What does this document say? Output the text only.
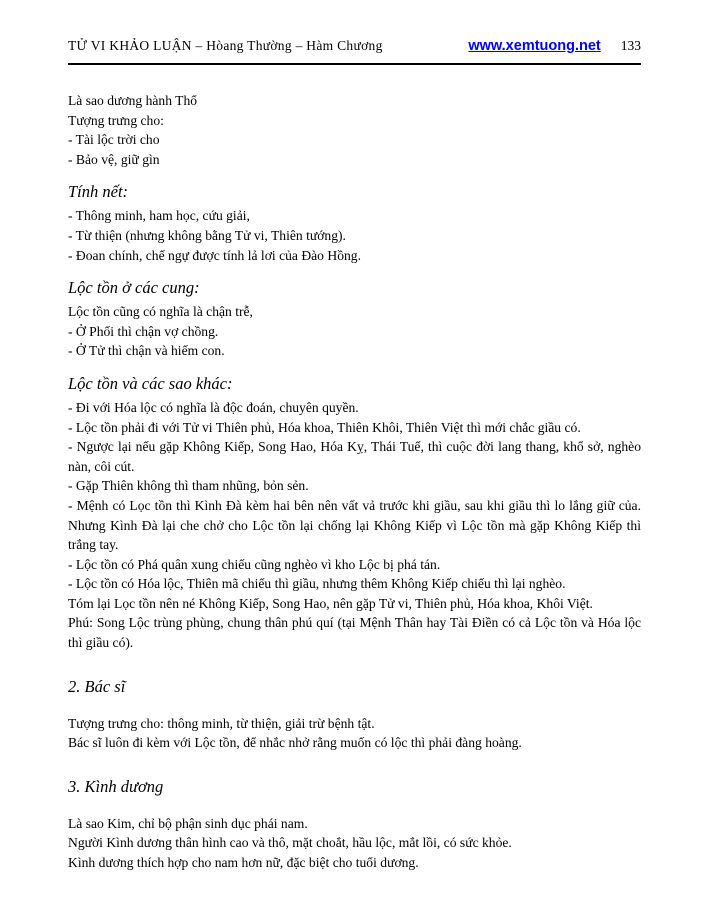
TỬ VI KHẢO LUẬN – Hòang Thường – Hàm Chương	www.xemtuong.net 133

Là sao dương hành Thổ

Tượng trưng cho:

- Tài lộc trời cho

- Bảo vệ, giữ gìn

Tính nết:

- Thông minh, ham học, cứu giải,

- Từ thiện (nhưng không bằng Tử vi, Thiên tướng).

- Đoan chính, chế ngự được tính lả lơi của Đào Hồng.

Lộc tồn ở các cung:

Lộc tồn cũng có nghĩa là chận trễ,

- Ở Phối thì chận vợ chồng.

- Ở Tử thì chận và hiếm con.

Lộc tồn và các sao khác:

- Đi với Hóa lộc có nghĩa là độc đoán, chuyên quyền.

- Lộc tồn phải đi với Tử vi Thiên phủ, Hóa khoa, Thiên Khôi, Thiên Việt thì mới chắc giầu có.

- Ngược lại nếu gặp Không Kiếp, Song Hao, Hóa Kỵ, Thái Tuế, thì cuộc đời lang thang, khổ sở, nghèo nàn, côi cút.

- Gặp Thiên không thì tham nhũng, bỏn sẻn.

- Mệnh có Lọc tồn thì Kình Đà kèm hai bên nên vất vả trước khi giầu, sau khi giầu thì lo lắng giữ của. Nhưng Kình Đà lại che chở cho Lộc tồn lại chống lại Không Kiếp vì Lộc tồn mà gặp Không Kiếp thì trắng tay.

- Lộc tồn có Phá quân xung chiếu cũng nghèo vì kho Lộc bị phá tán.

- Lộc tồn có Hóa lộc, Thiên mã chiếu thì giầu, nhưng thêm Không Kiếp chiếu thì lại nghèo.

Tóm lại Lọc tồn nên né Không Kiếp, Song Hao, nên gặp Tử vi, Thiên phủ, Hóa khoa, Khôi Việt.

Phú: Song Lộc trùng phùng, chung thân phú quí (tại Mệnh Thân hay Tài Điền có cả Lộc tồn và Hóa lộc thì giầu có).

2. Bác sĩ

Tượng trưng cho: thông minh, từ thiện, giải trừ bệnh tật.

Bác sĩ luôn đi kèm với Lộc tồn, để nhắc nhở rằng muốn có lộc thì phải đàng hoàng.

3. Kình dương

Là sao Kim, chỉ bộ phận sinh dục phái nam.

Người Kình dương thân hình cao và thô, mặt choắt, hầu lộc, mắt lồi, có sức khỏe.

Kình dương thích hợp cho nam hơn nữ, đặc biệt cho tuổi dương.
